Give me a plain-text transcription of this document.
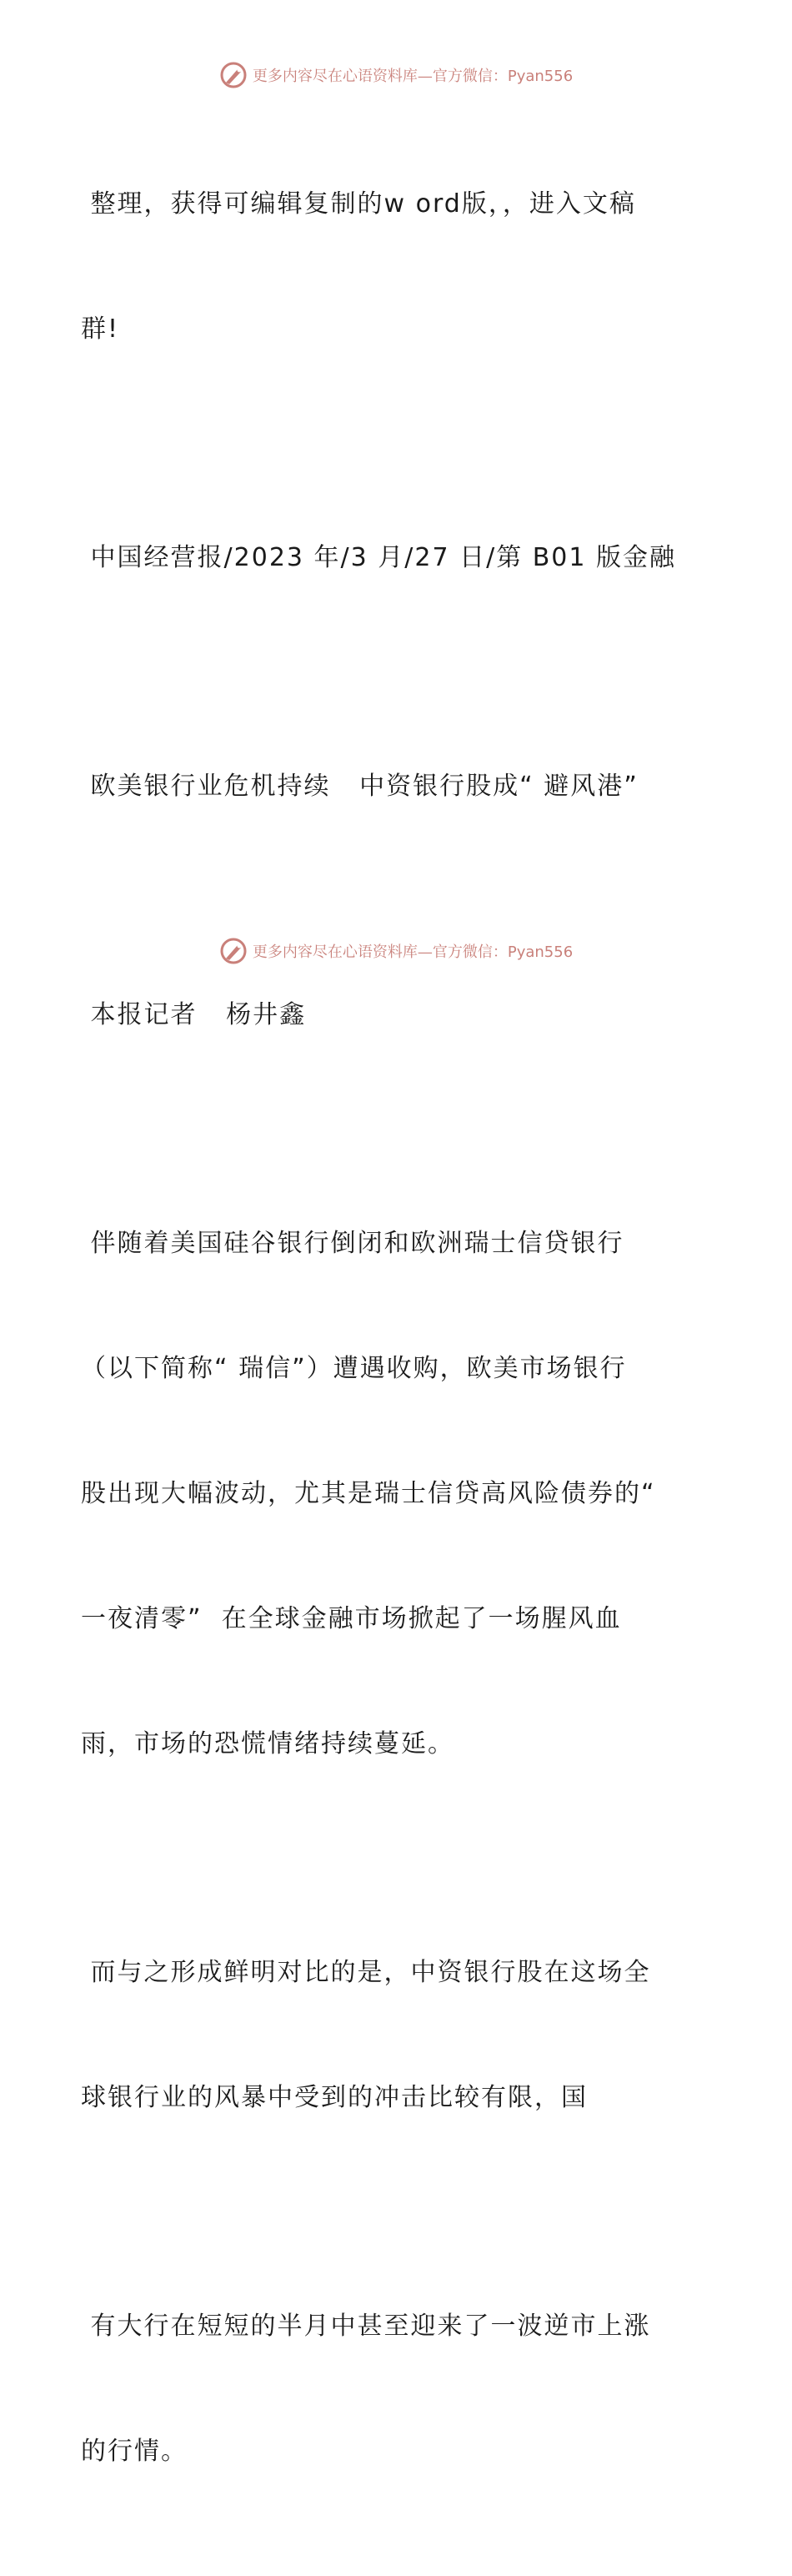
更多内容尽在心语资料库—官方微信：Pyan556

整理，获得可编辑复制的w ord版，，进入文稿

群!

中国经营报/2023 年/3 月/27 日/第 B01 版金融

欧美银行业危机持续   中资银行股成“ 避风港”

本报记者   杨井鑫

伴随着美国硅谷银行倒闭和欧洲瑞士信贷银行

（以下简称“ 瑞信”）遭遇收购，欧美市场银行

股出现大幅波动，尤其是瑞士信贷高风险债券的“

一夜清零”  在全球金融市场掀起了一场腥风血

雨，市场的恐慌情绪持续蔓延。

而与之形成鲜明对比的是，中资银行股在这场全

球银行业的风暴中受到的冲击比较有限，国

有大行在短短的半月中甚至迎来了一波逆市上涨

的行情。

更多内容尽在心语资料库—官方微信：Pyan556
